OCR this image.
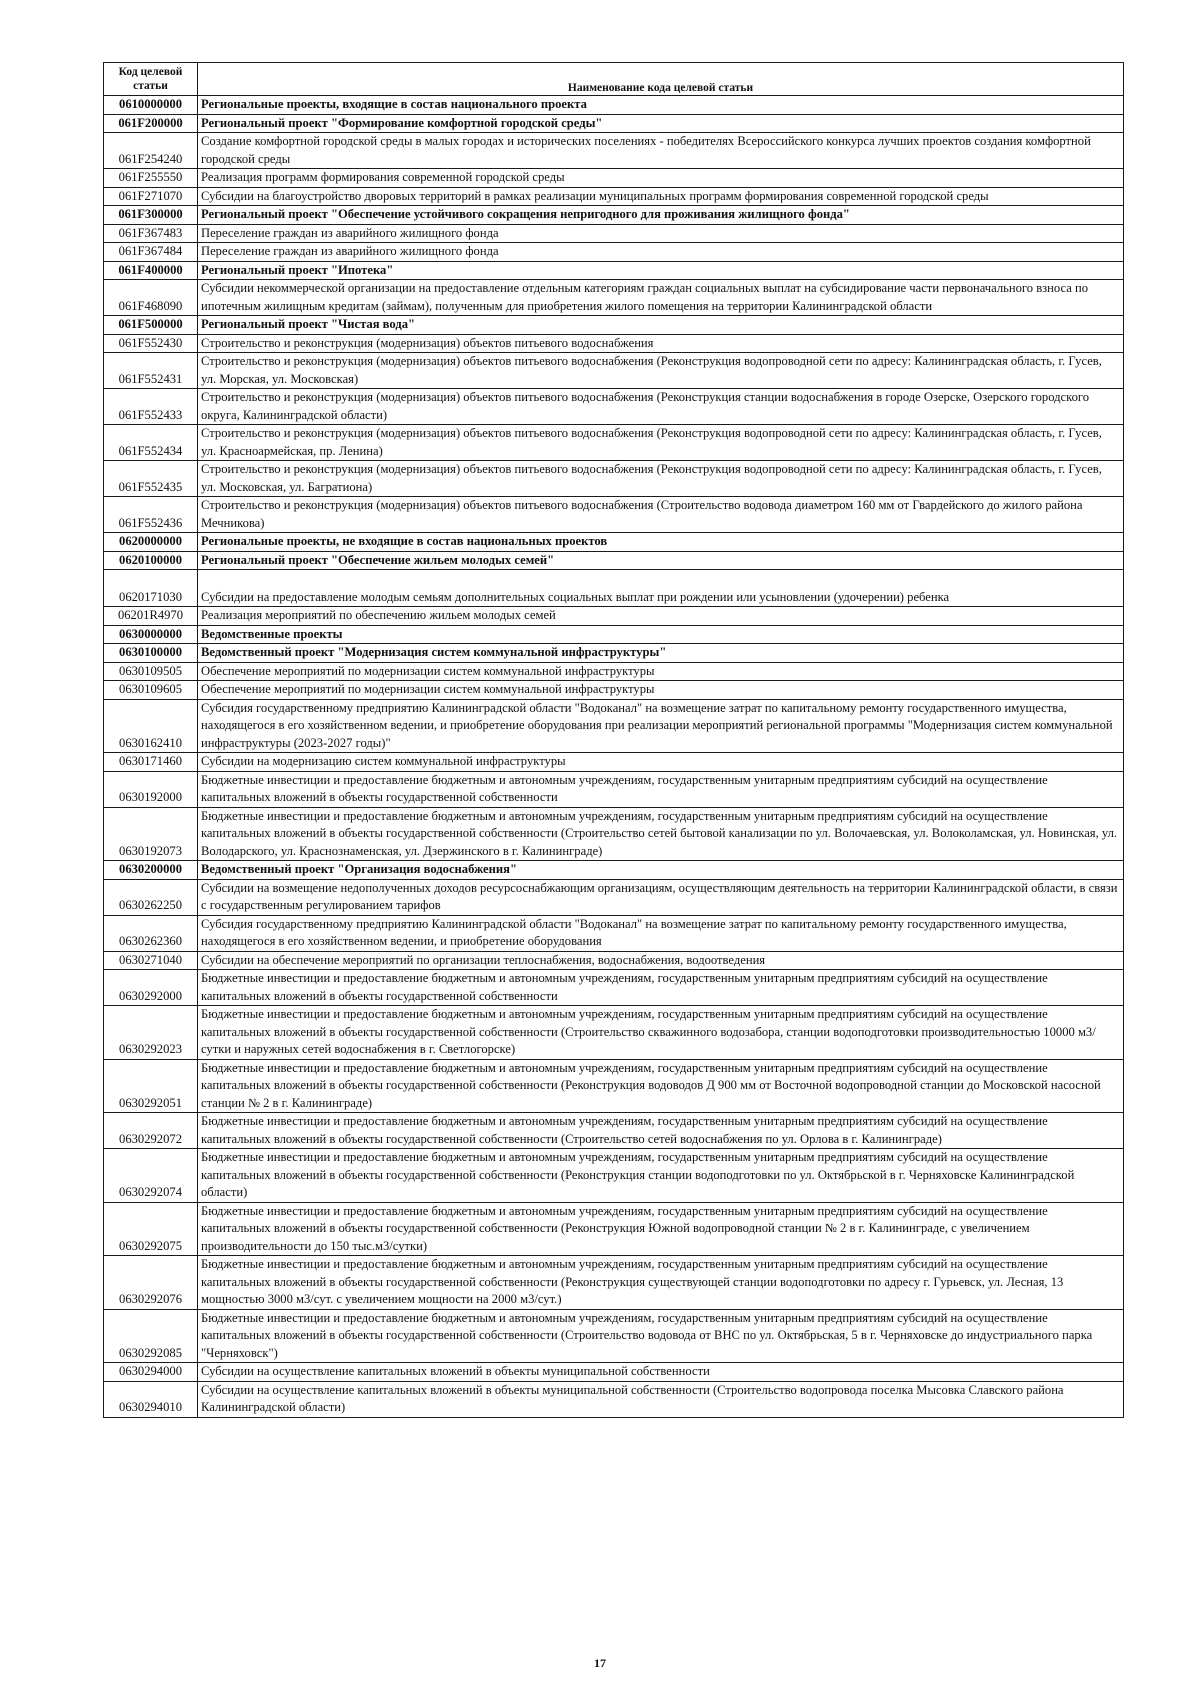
Код целевой статьи	Наименование кода целевой статьи
0610000000	Региональные проекты, входящие в состав национального проекта
061F200000	Региональный проект "Формирование комфортной городской среды"
061F254240	Создание комфортной городской среды в малых городах и исторических поселениях - победителях Всероссийского конкурса лучших проектов создания комфортной городской среды
061F255550	Реализация программ формирования современной городской среды
061F271070	Субсидии на благоустройство дворовых территорий в рамках реализации муниципальных программ формирования современной городской среды
061F300000	Региональный проект "Обеспечение устойчивого сокращения непригодного для проживания жилищного фонда"
061F367483	Переселение граждан из аварийного жилищного фонда
061F367484	Переселение граждан из аварийного жилищного фонда
061F400000	Региональный проект "Ипотека"
061F468090	Субсидии некоммерческой организации на предоставление отдельным категориям граждан социальных выплат на субсидирование части первоначального взноса по ипотечным жилищным кредитам (займам), полученным для приобретения жилого помещения на территории Калининградской области
061F500000	Региональный проект "Чистая вода"
061F552430	Строительство и реконструкция (модернизация) объектов питьевого водоснабжения
061F552431	Строительство и реконструкция (модернизация) объектов питьевого водоснабжения (Реконструкция водопроводной сети по адресу: Калининградская область, г. Гусев, ул. Морская, ул. Московская)
061F552433	Строительство и реконструкция (модернизация) объектов питьевого водоснабжения (Реконструкция станции водоснабжения в городе Озерске, Озерского городского округа, Калининградской области)
061F552434	Строительство и реконструкция (модернизация) объектов питьевого водоснабжения (Реконструкция водопроводной сети по адресу: Калининградская область, г. Гусев, ул. Красноармейская, пр. Ленина)
061F552435	Строительство и реконструкция (модернизация) объектов питьевого водоснабжения (Реконструкция водопроводной сети по адресу: Калининградская область, г. Гусев, ул. Московская, ул. Багратиона)
061F552436	Строительство и реконструкция (модернизация) объектов питьевого водоснабжения (Строительство водовода диаметром 160 мм от Гвардейского до жилого района Мечникова)
0620000000	Региональные проекты, не входящие в состав национальных проектов
0620100000	Региональный проект "Обеспечение жильем молодых семей"
0620171030	Субсидии на предоставление молодым семьям дополнительных социальных выплат при рождении или усыновлении (удочерении) ребенка
06201R4970	Реализация мероприятий по обеспечению жильем молодых семей
0630000000	Ведомственные проекты
0630100000	Ведомственный проект "Модернизация систем коммунальной инфраструктуры"
0630109505	Обеспечение мероприятий по модернизации систем коммунальной инфраструктуры
0630109605	Обеспечение мероприятий по модернизации систем коммунальной инфраструктуры
0630162410	Субсидия государственному предприятию Калининградской области "Водоканал" на возмещение затрат по капитальному ремонту государственного имущества, находящегося в его хозяйственном ведении, и приобретение оборудования при реализации мероприятий региональной программы "Модернизация систем коммунальной инфраструктуры (2023-2027 годы)"
0630171460	Субсидии на модернизацию систем коммунальной инфраструктуры
0630192000	Бюджетные инвестиции и предоставление бюджетным и автономным учреждениям, государственным унитарным предприятиям субсидий на осуществление капитальных вложений в объекты государственной собственности
0630192073	Бюджетные инвестиции и предоставление бюджетным и автономным учреждениям, государственным унитарным предприятиям субсидий на осуществление капитальных вложений в объекты государственной собственности (Строительство сетей бытовой канализации по ул. Волочаевская, ул. Волоколамская, ул. Новинская, ул. Володарского, ул. Краснознаменская, ул. Дзержинского в г. Калининграде)
0630200000	Ведомственный проект "Организация водоснабжения"
0630262250	Субсидии на возмещение недополученных доходов ресурсоснабжающим организациям, осуществляющим деятельность на территории Калининградской области, в связи с государственным регулированием тарифов
0630262360	Субсидия государственному предприятию Калининградской области "Водоканал" на возмещение затрат по капитальному ремонту государственного имущества, находящегося в его хозяйственном ведении, и приобретение оборудования
0630271040	Субсидии на обеспечение мероприятий по организации теплоснабжения, водоснабжения, водоотведения
0630292000	Бюджетные инвестиции и предоставление бюджетным и автономным учреждениям, государственным унитарным предприятиям субсидий на осуществление капитальных вложений в объекты государственной собственности
0630292023	Бюджетные инвестиции и предоставление бюджетным и автономным учреждениям, государственным унитарным предприятиям субсидий на осуществление капитальных вложений в объекты государственной собственности (Строительство скважинного водозабора, станции водоподготовки производительностью 10000 м3/сутки и наружных сетей водоснабжения в г. Светлогорске)
0630292051	Бюджетные инвестиции и предоставление бюджетным и автономным учреждениям, государственным унитарным предприятиям субсидий на осуществление капитальных вложений в объекты государственной собственности (Реконструкция водоводов Д 900 мм от Восточной водопроводной станции до Московской насосной станции № 2 в г. Калининграде)
0630292072	Бюджетные инвестиции и предоставление бюджетным и автономным учреждениям, государственным унитарным предприятиям субсидий на осуществление капитальных вложений в объекты государственной собственности (Строительство сетей водоснабжения по ул. Орлова в г. Калининграде)
0630292074	Бюджетные инвестиции и предоставление бюджетным и автономным учреждениям, государственным унитарным предприятиям субсидий на осуществление капитальных вложений в объекты государственной собственности (Реконструкция станции водоподготовки по ул. Октябрьской в г. Черняховске Калининградской области)
0630292075	Бюджетные инвестиции и предоставление бюджетным и автономным учреждениям, государственным унитарным предприятиям субсидий на осуществление капитальных вложений в объекты государственной собственности (Реконструкция Южной водопроводной станции № 2 в г. Калининграде, с увеличением производительности до 150 тыс.м3/сутки)
0630292076	Бюджетные инвестиции и предоставление бюджетным и автономным учреждениям, государственным унитарным предприятиям субсидий на осуществление капитальных вложений в объекты государственной собственности (Реконструкция существующей станции водоподготовки по адресу г. Гурьевск, ул. Лесная, 13 мощностью 3000 м3/сут. с увеличением мощности на 2000 м3/сут.)
0630292085	Бюджетные инвестиции и предоставление бюджетным и автономным учреждениям, государственным унитарным предприятиям субсидий на осуществление капитальных вложений в объекты государственной собственности (Строительство водовода от ВНС по ул. Октябрьская, 5 в г. Черняховске до индустриального парка "Черняховск")
0630294000	Субсидии на осуществление капитальных вложений в объекты муниципальной собственности
0630294010	Субсидии на осуществление капитальных вложений в объекты муниципальной собственности (Строительство водопровода поселка Мысовка Славского района Калининградской области)
17
